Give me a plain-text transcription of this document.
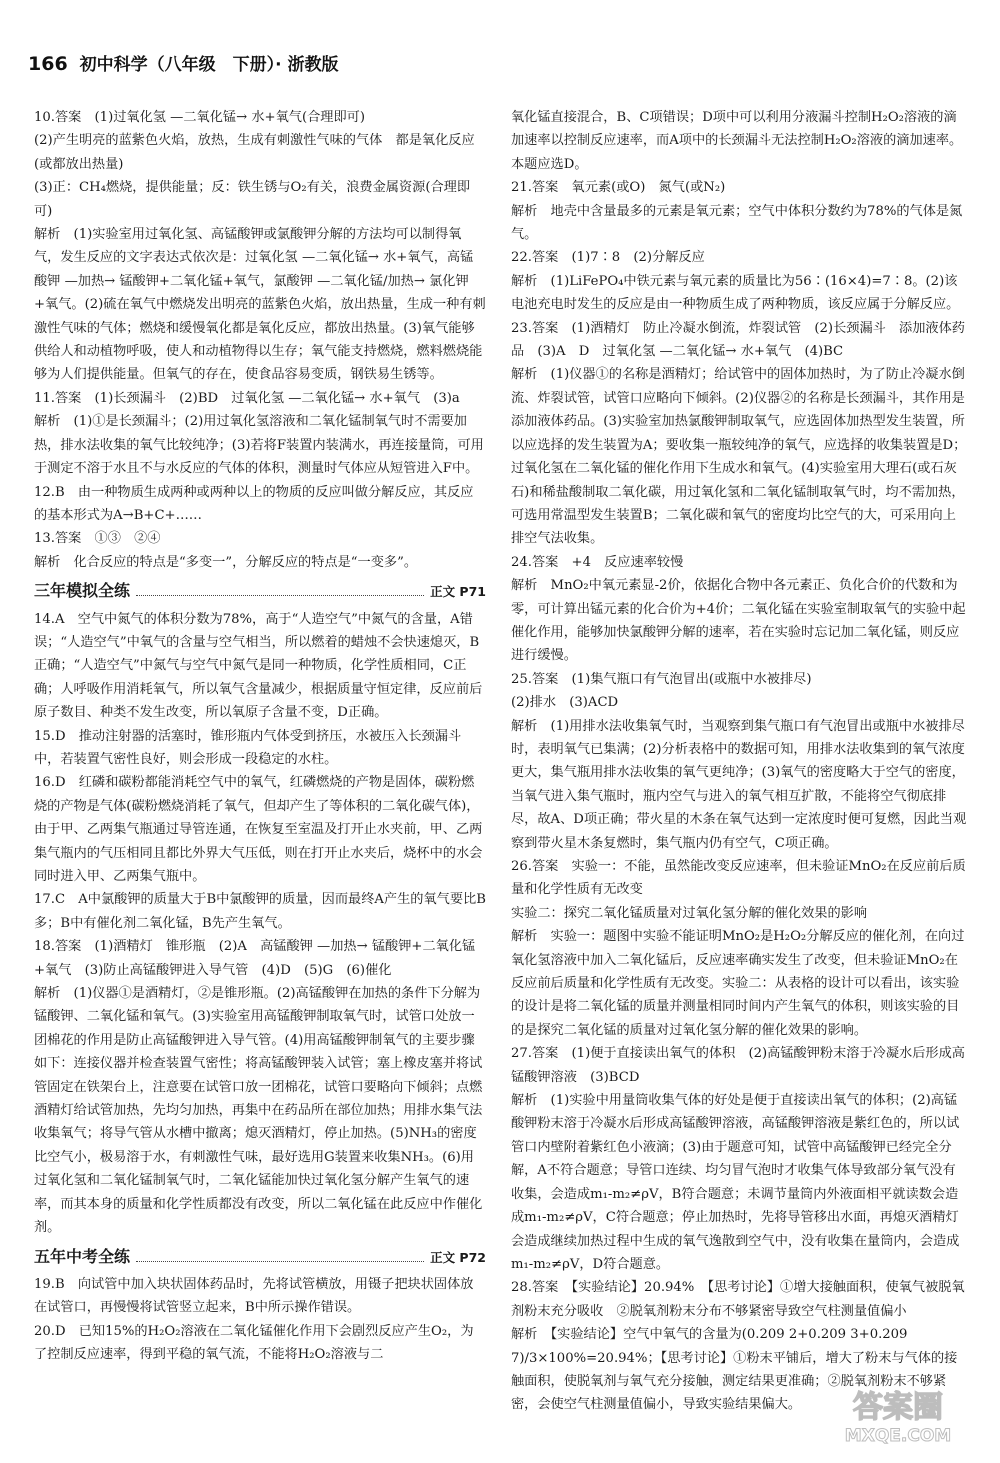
166 初中科学（八年级　下册）· 浙教版

10.答案　(1)过氧化氢 —二氧化锰→ 水+氧气(合理即可)

(2)产生明亮的蓝紫色火焰，放热，生成有刺激性气味的气体　都是氧化反应(或都放出热量)

(3)正：CH₄燃烧，提供能量；反：铁生锈与O₂有关，浪费金属资源(合理即可)

解析　(1)实验室用过氧化氢、高锰酸钾或氯酸钾分解的方法均可以制得氧气，发生反应的文字表达式依次是：过氧化氢 —二氧化锰→ 水+氧气，高锰酸钾 —加热→ 锰酸钾+二氧化锰+氧气，氯酸钾 —二氧化锰/加热→ 氯化钾+氧气。(2)硫在氧气中燃烧发出明亮的蓝紫色火焰，放出热量，生成一种有刺激性气味的气体；燃烧和缓慢氧化都是氧化反应，都放出热量。(3)氧气能够供给人和动植物呼吸，使人和动植物得以生存；氧气能支持燃烧，燃料燃烧能够为人们提供能量。但氧气的存在，使食品容易变质，钢铁易生锈等。

11.答案　(1)长颈漏斗　(2)BD　过氧化氢 —二氧化锰→ 水+氧气　(3)a

解析　(1)①是长颈漏斗；(2)用过氧化氢溶液和二氧化锰制氧气时不需要加热，排水法收集的氧气比较纯净；(3)若将F装置内装满水，再连接量筒，可用于测定不溶于水且不与水反应的气体的体积，测量时气体应从短管进入F中。

12.B　由一种物质生成两种或两种以上的物质的反应叫做分解反应，其反应的基本形式为A→B+C+……

13.答案　①③　②④

解析　化合反应的特点是“多变一”，分解反应的特点是“一变多”。

三年模拟全练	正文 P71

14.A　空气中氮气的体积分数为78%，高于“人造空气”中氮气的含量，A错误；“人造空气”中氧气的含量与空气相当，所以燃着的蜡烛不会快速熄灭，B正确；“人造空气”中氮气与空气中氮气是同一种物质，化学性质相同，C正确；人呼吸作用消耗氧气，所以氧气含量减少，根据质量守恒定律，反应前后原子数目、种类不发生改变，所以氧原子含量不变，D正确。

15.D　推动注射器的活塞时，锥形瓶内气体受到挤压，水被压入长颈漏斗中，若装置气密性良好，则会形成一段稳定的水柱。

16.D　红磷和碳粉都能消耗空气中的氧气，红磷燃烧的产物是固体，碳粉燃烧的产物是气体(碳粉燃烧消耗了氧气，但却产生了等体积的二氧化碳气体)，由于甲、乙两集气瓶通过导管连通，在恢复至室温及打开止水夹前，甲、乙两集气瓶内的气压相同且都比外界大气压低，则在打开止水夹后，烧杯中的水会同时进入甲、乙两集气瓶中。

17.C　A中氯酸钾的质量大于B中氯酸钾的质量，因而最终A产生的氧气要比B多；B中有催化剂二氧化锰，B先产生氧气。

18.答案　(1)酒精灯　锥形瓶　(2)A　高锰酸钾 —加热→ 锰酸钾+二氧化锰+氧气　(3)防止高锰酸钾进入导气管　(4)D　(5)G　(6)催化

解析　(1)仪器①是酒精灯，②是锥形瓶。(2)高锰酸钾在加热的条件下分解为锰酸钾、二氧化锰和氧气。(3)实验室用高锰酸钾制取氧气时，试管口处放一团棉花的作用是防止高锰酸钾进入导气管。(4)用高锰酸钾制氧气的主要步骤如下：连接仪器并检查装置气密性；将高锰酸钾装入试管；塞上橡皮塞并将试管固定在铁架台上，注意要在试管口放一团棉花，试管口要略向下倾斜；点燃酒精灯给试管加热，先均匀加热，再集中在药品所在部位加热；用排水集气法收集氧气；将导气管从水槽中撤离；熄灭酒精灯，停止加热。(5)NH₃的密度比空气小，极易溶于水，有刺激性气味，最好选用G装置来收集NH₃。(6)用过氧化氢和二氧化锰制氧气时，二氧化锰能加快过氧化氢分解产生氧气的速率，而其本身的质量和化学性质都没有改变，所以二氧化锰在此反应中作催化剂。

五年中考全练	正文 P72

19.B　向试管中加入块状固体药品时，先将试管横放，用镊子把块状固体放在试管口，再慢慢将试管竖立起来，B中所示操作错误。

20.D　已知15%的H₂O₂溶液在二氧化锰催化作用下会剧烈反应产生O₂，为了控制反应速率，得到平稳的氧气流，不能将H₂O₂溶液与二

氧化锰直接混合，B、C项错误；D项中可以利用分液漏斗控制H₂O₂溶液的滴加速率以控制反应速率，而A项中的长颈漏斗无法控制H₂O₂溶液的滴加速率。本题应选D。

21.答案　氧元素(或O)　氮气(或N₂)

解析　地壳中含量最多的元素是氧元素；空气中体积分数约为78%的气体是氮气。

22.答案　(1)7∶8　(2)分解反应

解析　(1)LiFePO₄中铁元素与氧元素的质量比为56∶(16×4)=7∶8。(2)该电池充电时发生的反应是由一种物质生成了两种物质，该反应属于分解反应。

23.答案　(1)酒精灯　防止冷凝水倒流，炸裂试管　(2)长颈漏斗　添加液体药品　(3)A　D　过氧化氢 —二氧化锰→ 水+氧气　(4)BC

解析　(1)仪器①的名称是酒精灯；给试管中的固体加热时，为了防止冷凝水倒流、炸裂试管，试管口应略向下倾斜。(2)仪器②的名称是长颈漏斗，其作用是添加液体药品。(3)实验室加热氯酸钾制取氧气，应选固体加热型发生装置，所以应选择的发生装置为A；要收集一瓶较纯净的氧气，应选择的收集装置是D；过氧化氢在二氧化锰的催化作用下生成水和氧气。(4)实验室用大理石(或石灰石)和稀盐酸制取二氧化碳，用过氧化氢和二氧化锰制取氧气时，均不需加热，可选用常温型发生装置B；二氧化碳和氧气的密度均比空气的大，可采用向上排空气法收集。

24.答案　+4　反应速率较慢

解析　MnO₂中氧元素显-2价，依据化合物中各元素正、负化合价的代数和为零，可计算出锰元素的化合价为+4价；二氧化锰在实验室制取氧气的实验中起催化作用，能够加快氯酸钾分解的速率，若在实验时忘记加二氧化锰，则反应进行缓慢。

25.答案　(1)集气瓶口有气泡冒出(或瓶中水被排尽)

(2)排水　(3)ACD

解析　(1)用排水法收集氧气时，当观察到集气瓶口有气泡冒出或瓶中水被排尽时，表明氧气已集满；(2)分析表格中的数据可知，用排水法收集到的氧气浓度更大，集气瓶用排水法收集的氧气更纯净；(3)氧气的密度略大于空气的密度，当氧气进入集气瓶时，瓶内空气与进入的氧气相互扩散，不能将空气彻底排尽，故A、D项正确；带火星的木条在氧气达到一定浓度时便可复燃，因此当观察到带火星木条复燃时，集气瓶内仍有空气，C项正确。

26.答案　实验一：不能，虽然能改变反应速率，但未验证MnO₂在反应前后质量和化学性质有无改变

实验二：探究二氧化锰质量对过氧化氢分解的催化效果的影响

解析　实验一：题图中实验不能证明MnO₂是H₂O₂分解反应的催化剂，在向过氧化氢溶液中加入二氧化锰后，反应速率确实发生了改变，但未验证MnO₂在反应前后质量和化学性质有无改变。实验二：从表格的设计可以看出，该实验的设计是将二氧化锰的质量并测量相同时间内产生氧气的体积，则该实验的目的是探究二氧化锰的质量对过氧化氢分解的催化效果的影响。

27.答案　(1)便于直接读出氧气的体积　(2)高锰酸钾粉末溶于冷凝水后形成高锰酸钾溶液　(3)BCD

解析　(1)实验中用量筒收集气体的好处是便于直接读出氧气的体积；(2)高锰酸钾粉末溶于冷凝水后形成高锰酸钾溶液，高锰酸钾溶液是紫红色的，所以试管口内壁附着紫红色小液滴；(3)由于题意可知，试管中高锰酸钾已经完全分解，A不符合题意；导管口连续、均匀冒气泡时才收集气体导致部分氧气没有收集，会造成m₁-m₂≠ρV，B符合题意；未调节量筒内外液面相平就读数会造成m₁-m₂≠ρV，C符合题意；停止加热时，先将导管移出水面，再熄灭酒精灯会造成继续加热过程中生成的氧气逸散到空气中，没有收集在量筒内，会造成m₁-m₂≠ρV，D符合题意。

28.答案　【实验结论】20.94%　【思考讨论】①增大接触面积，使氧气被脱氧剂粉末充分吸收　②脱氧剂粉末分布不够紧密导致空气柱测量值偏小

解析　【实验结论】空气中氧气的含量为(0.209 2+0.209 3+0.209 7)/3×100%=20.94%；【思考讨论】①粉末平铺后，增大了粉末与气体的接触面积，使脱氧剂与氧气充分接触，测定结果更准确；②脱氧剂粉末不够紧密，会使空气柱测量值偏小，导致实验结果偏大。	答案圈
MXQE.COM
